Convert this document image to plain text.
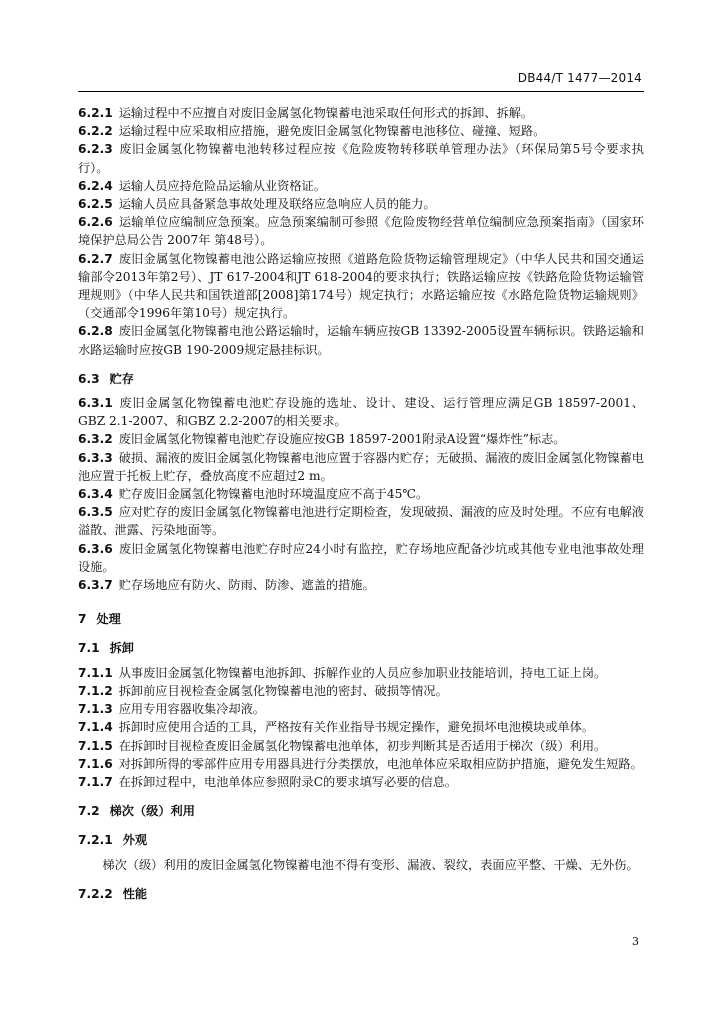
DB44/T 1477—2014

6.2.1 运输过程中不应擅自对废旧金属氢化物镍蓄电池采取任何形式的拆卸、拆解。

6.2.2 运输过程中应采取相应措施，避免废旧金属氢化物镍蓄电池移位、碰撞、短路。

6.2.3 废旧金属氢化物镍蓄电池转移过程应按《危险废物转移联单管理办法》（环保局第5号令要求执行）。

6.2.4 运输人员应持危险品运输从业资格证。

6.2.5 运输人员应具备紧急事故处理及联络应急响应人员的能力。

6.2.6 运输单位应编制应急预案。应急预案编制可参照《危险废物经营单位编制应急预案指南》（国家环境保护总局公告 2007年 第48号）。

6.2.7 废旧金属氢化物镍蓄电池公路运输应按照《道路危险货物运输管理规定》（中华人民共和国交通运输部令2013年第2号）、JT 617-2004和JT 618-2004的要求执行；铁路运输应按《铁路危险货物运输管理规则》（中华人民共和国铁道部[2008]第174号）规定执行；水路运输应按《水路危险货物运输规则》（交通部令1996年第10号）规定执行。

6.2.8 废旧金属氢化物镍蓄电池公路运输时，运输车辆应按GB 13392-2005设置车辆标识。铁路运输和水路运输时应按GB 190-2009规定悬挂标识。

6.3 贮存

6.3.1 废旧金属氢化物镍蓄电池贮存设施的选址、设计、建设、运行管理应满足GB 18597-2001、GBZ 2.1-2007、和GBZ 2.2-2007的相关要求。

6.3.2 废旧金属氢化物镍蓄电池贮存设施应按GB 18597-2001附录A设置“爆炸性”标志。

6.3.3 破损、漏液的废旧金属氢化物镍蓄电池应置于容器内贮存；无破损、漏液的废旧金属氢化物镍蓄电池应置于托板上贮存，叠放高度不应超过2 m。

6.3.4 贮存废旧金属氢化物镍蓄电池时环境温度应不高于45℃。

6.3.5 应对贮存的废旧金属氢化物镍蓄电池进行定期检查，发现破损、漏液的应及时处理。不应有电解液溢散、泄露、污染地面等。

6.3.6 废旧金属氢化物镍蓄电池贮存时应24小时有监控，贮存场地应配备沙坑或其他专业电池事故处理设施。

6.3.7 贮存场地应有防火、防雨、防渗、遮盖的措施。

7 处理

7.1 拆卸

7.1.1 从事废旧金属氢化物镍蓄电池拆卸、拆解作业的人员应参加职业技能培训，持电工证上岗。

7.1.2 拆卸前应目视检查金属氢化物镍蓄电池的密封、破损等情况。

7.1.3 应用专用容器收集冷却液。

7.1.4 拆卸时应使用合适的工具，严格按有关作业指导书规定操作，避免损坏电池模块或单体。

7.1.5 在拆卸时目视检查废旧金属氢化物镍蓄电池单体，初步判断其是否适用于梯次（级）利用。

7.1.6 对拆卸所得的零部件应用专用器具进行分类摆放，电池单体应采取相应防护措施，避免发生短路。

7.1.7 在拆卸过程中，电池单体应参照附录C的要求填写必要的信息。

7.2 梯次（级）利用

7.2.1 外观

梯次（级）利用的废旧金属氢化物镍蓄电池不得有变形、漏液、裂纹，表面应平整、干燥、无外伤。

7.2.2 性能

3
